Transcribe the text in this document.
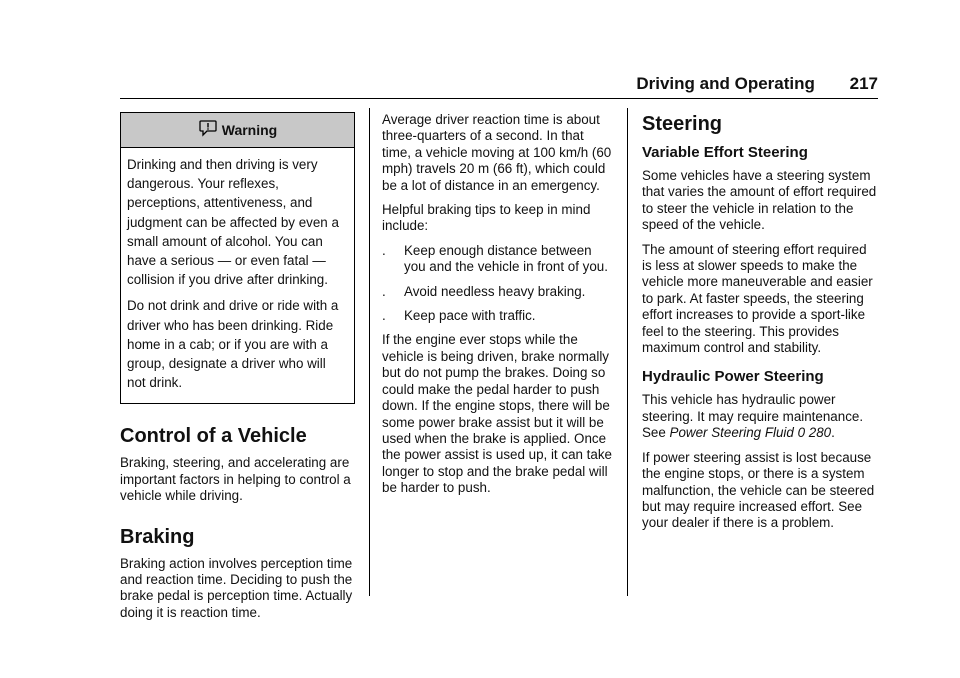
Driving and Operating 217
Warning

Drinking and then driving is very dangerous. Your reflexes, perceptions, attentiveness, and judgment can be affected by even a small amount of alcohol. You can have a serious — or even fatal — collision if you drive after drinking.

Do not drink and drive or ride with a driver who has been drinking. Ride home in a cab; or if you are with a group, designate a driver who will not drink.

Control of a Vehicle

Braking, steering, and accelerating are important factors in helping to control a vehicle while driving.

Braking

Braking action involves perception time and reaction time. Deciding to push the brake pedal is perception time. Actually doing it is reaction time.

Average driver reaction time is about three-quarters of a second. In that time, a vehicle moving at 100 km/h (60 mph) travels 20 m (66 ft), which could be a lot of distance in an emergency.

Helpful braking tips to keep in mind include:

.	Keep enough distance between you and the vehicle in front of you.
.	Avoid needless heavy braking.
.	Keep pace with traffic.

If the engine ever stops while the vehicle is being driven, brake normally but do not pump the brakes. Doing so could make the pedal harder to push down. If the engine stops, there will be some power brake assist but it will be used when the brake is applied. Once the power assist is used up, it can take longer to stop and the brake pedal will be harder to push.

Steering
Variable Effort Steering

Some vehicles have a steering system that varies the amount of effort required to steer the vehicle in relation to the speed of the vehicle.

The amount of steering effort required is less at slower speeds to make the vehicle more maneuverable and easier to park. At faster speeds, the steering effort increases to provide a sport-like feel to the steering. This provides maximum control and stability.

Hydraulic Power Steering

This vehicle has hydraulic power steering. It may require maintenance. See Power Steering Fluid 0 280.

If power steering assist is lost because the engine stops, or there is a system malfunction, the vehicle can be steered but may require increased effort. See your dealer if there is a problem.
